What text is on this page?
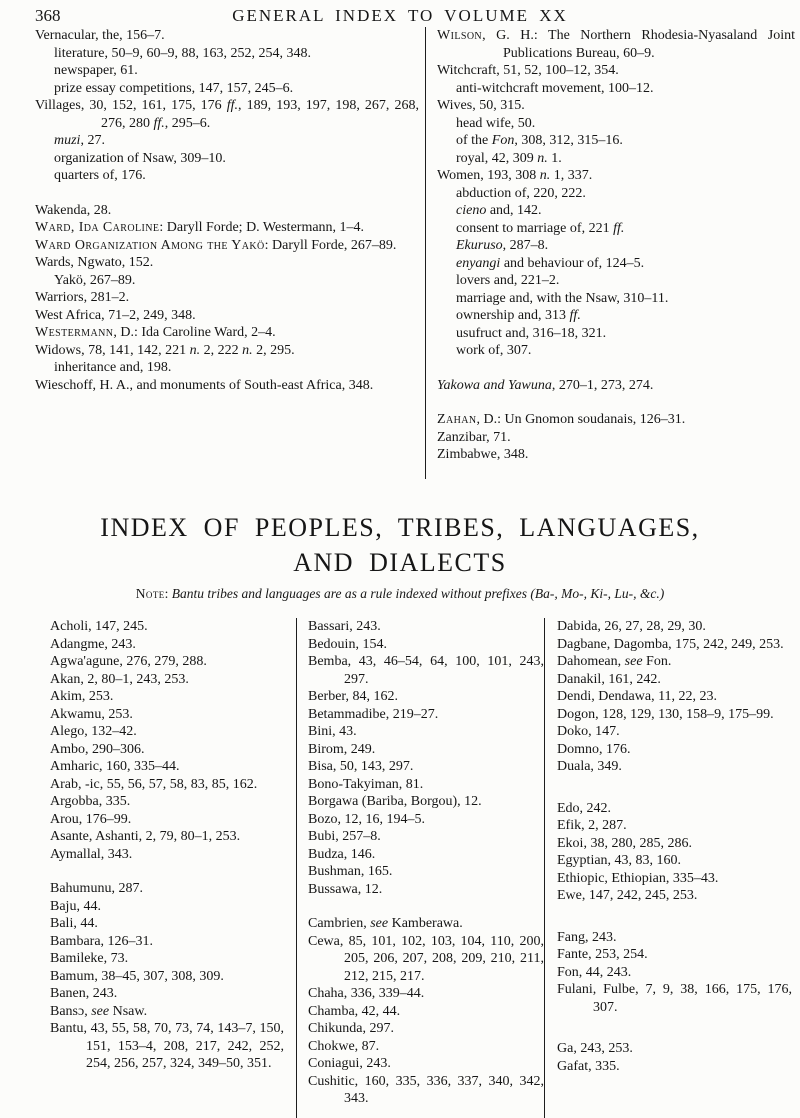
368	GENERAL INDEX TO VOLUME XX
Vernacular, the, 156–7.
literature, 50–9, 60–9, 88, 163, 252, 254, 348.
newspaper, 61.
prize essay competitions, 147, 157, 245–6.
Villages, 30, 152, 161, 175, 176 ff., 189, 193, 197, 198, 267, 268, 276, 280 ff., 295–6.
muzi, 27.
organization of Nsaw, 309–10.
quarters of, 176.
Wakenda, 28.
Ward, Ida Caroline: Daryll Forde; D. Westermann, 1–4.
Ward Organization Among the Yakö: Daryll Forde, 267–89.
Wards, Ngwato, 152.
Yakö, 267–89.
Warriors, 281–2.
West Africa, 71–2, 249, 348.
Westermann, D.: Ida Caroline Ward, 2–4.
Widows, 78, 141, 142, 221 n. 2, 222 n. 2, 295.
inheritance and, 198.
Wieschoff, H. A., and monuments of South-east Africa, 348.
Wilson, G. H.: The Northern Rhodesia-Nyasaland Joint Publications Bureau, 60–9.
Witchcraft, 51, 52, 100–12, 354.
anti-witchcraft movement, 100–12.
Wives, 50, 315.
head wife, 50.
of the Fon, 308, 312, 315–16.
royal, 42, 309 n. 1.
Women, 193, 308 n. 1, 337.
abduction of, 220, 222.
cieno and, 142.
consent to marriage of, 221 ff.
Ekuruso, 287–8.
enyangi and behaviour of, 124–5.
lovers and, 221–2.
marriage and, with the Nsaw, 310–11.
ownership and, 313 ff.
usufruct and, 316–18, 321.
work of, 307.
Yakowa and Yawuna, 270–1, 273, 274.
Zahan, D.: Un Gnomon soudanais, 126–31.
Zanzibar, 71.
Zimbabwe, 348.
INDEX OF PEOPLES, TRIBES, LANGUAGES,
AND DIALECTS
Note: Bantu tribes and languages are as a rule indexed without prefixes (Ba-, Mo-, Ki-, Lu-, &c.)
Acholi, 147, 245.
Adangme, 243.
Agwa'agune, 276, 279, 288.
Akan, 2, 80–1, 243, 253.
Akim, 253.
Akwamu, 253.
Alego, 132–42.
Ambo, 290–306.
Amharic, 160, 335–44.
Arab, -ic, 55, 56, 57, 58, 83, 85, 162.
Argobba, 335.
Arou, 176–99.
Asante, Ashanti, 2, 79, 80–1, 253.
Aymallal, 343.
Bahumunu, 287.
Baju, 44.
Bali, 44.
Bambara, 126–31.
Bamileke, 73.
Bamum, 38–45, 307, 308, 309.
Banen, 243.
Bansɔ, see Nsaw.
Bantu, 43, 55, 58, 70, 73, 74, 143–7, 150, 151, 153–4, 208, 217, 242, 252, 254, 256, 257, 324, 349–50, 351.
Bassari, 243.
Bedouin, 154.
Bemba, 43, 46–54, 64, 100, 101, 243, 297.
Berber, 84, 162.
Betammadibe, 219–27.
Bini, 43.
Birom, 249.
Bisa, 50, 143, 297.
Bono-Takyiman, 81.
Borgawa (Bariba, Borgou), 12.
Bozo, 12, 16, 194–5.
Bubi, 257–8.
Budza, 146.
Bushman, 165.
Bussawa, 12.
Cambrien, see Kamberawa.
Cewa, 85, 101, 102, 103, 104, 110, 200, 205, 206, 207, 208, 209, 210, 211, 212, 215, 217.
Chaha, 336, 339–44.
Chamba, 42, 44.
Chikunda, 297.
Chokwe, 87.
Coniagui, 243.
Cushitic, 160, 335, 336, 337, 340, 342, 343.
Dabida, 26, 27, 28, 29, 30.
Dagbane, Dagomba, 175, 242, 249, 253.
Dahomean, see Fon.
Danakil, 161, 242.
Dendi, Dendawa, 11, 22, 23.
Dogon, 128, 129, 130, 158–9, 175–99.
Doko, 147.
Domno, 176.
Duala, 349.
Edo, 242.
Efik, 2, 287.
Ekoi, 38, 280, 285, 286.
Egyptian, 43, 83, 160.
Ethiopic, Ethiopian, 335–43.
Ewe, 147, 242, 245, 253.
Fang, 243.
Fante, 253, 254.
Fon, 44, 243.
Fulani, Fulbe, 7, 9, 38, 166, 175, 176, 307.
Ga, 243, 253.
Gafat, 335.
